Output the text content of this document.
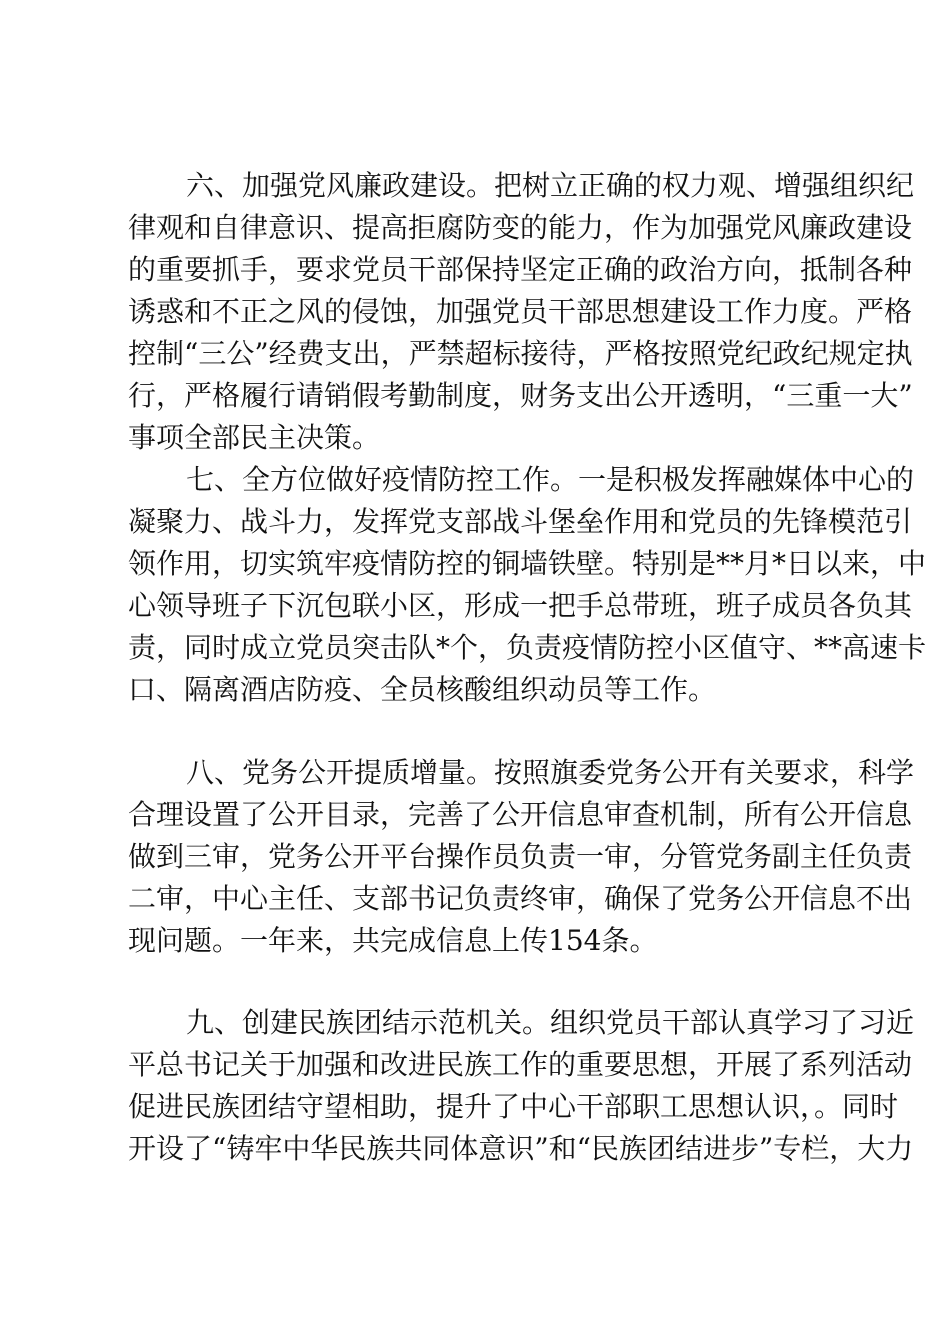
六、加强党风廉政建设。把树立正确的权力观、增强组织纪
律观和自律意识、提高拒腐防变的能力，作为加强党风廉政建设
的重要抓手，要求党员干部保持坚定正确的政治方向，抵制各种
诱惑和不正之风的侵蚀，加强党员干部思想建设工作力度。严格
控制“三公”经费支出，严禁超标接待，严格按照党纪政纪规定执
行，严格履行请销假考勤制度，财务支出公开透明，“三重一大”
事项全部民主决策。
七、全方位做好疫情防控工作。一是积极发挥融媒体中心的
凝聚力、战斗力，发挥党支部战斗堡垒作用和党员的先锋模范引
领作用，切实筑牢疫情防控的铜墙铁壁。特别是**月*日以来，中
心领导班子下沉包联小区，形成一把手总带班，班子成员各负其
责，同时成立党员突击队*个，负责疫情防控小区值守、**高速卡
口、隔离酒店防疫、全员核酸组织动员等工作。
八、党务公开提质增量。按照旗委党务公开有关要求，科学
合理设置了公开目录，完善了公开信息审查机制，所有公开信息
做到三审，党务公开平台操作员负责一审，分管党务副主任负责
二审，中心主任、支部书记负责终审，确保了党务公开信息不出
现问题。一年来，共完成信息上传154条。
九、创建民族团结示范机关。组织党员干部认真学习了习近
平总书记关于加强和改进民族工作的重要思想，开展了系列活动
促进民族团结守望相助，提升了中心干部职工思想认识，。同时
开设了“铸牢中华民族共同体意识”和“民族团结进步”专栏，大力
